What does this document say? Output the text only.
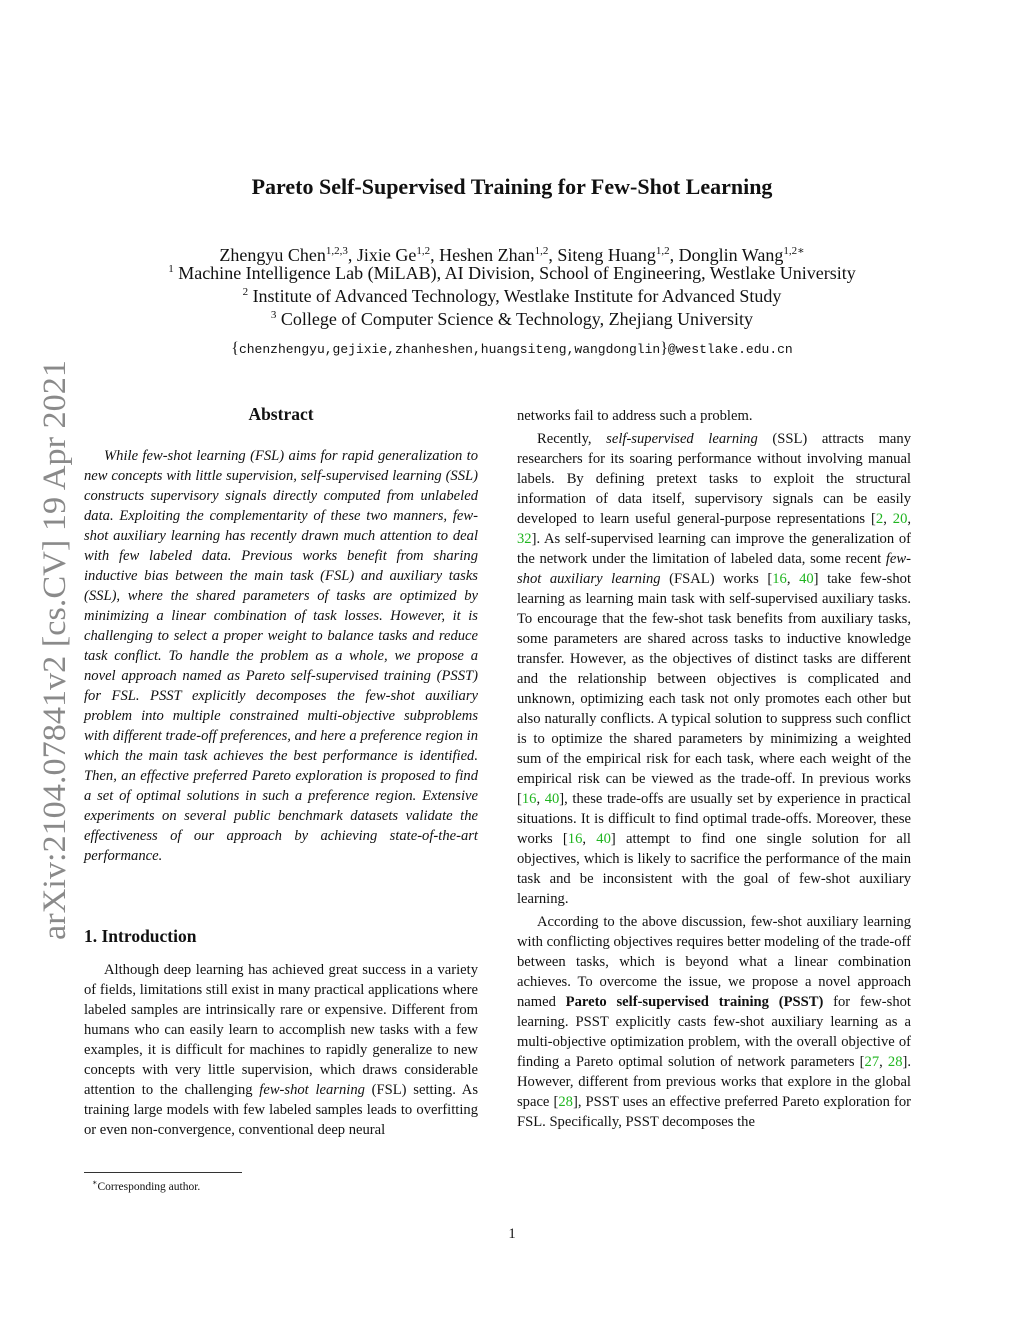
arXiv:2104.07841v2 [cs.CV] 19 Apr 2021
Pareto Self-Supervised Training for Few-Shot Learning
Zhengyu Chen$^{1,2,3}$, Jixie Ge$^{1,2}$, Heshen Zhan$^{1,2}$, Siteng Huang$^{1,2}$, Donglin Wang$^{1,2∗}$
$^1$ Machine Intelligence Lab (MiLAB), AI Division, School of Engineering, Westlake University
$^2$ Institute of Advanced Technology, Westlake Institute for Advanced Study
$^3$ College of Computer Science & Technology, Zhejiang University
{chenzhengyu,gejixie,zhanheshen,huangsiteng,wangdonglin}@westlake.edu.cn
Abstract

While few-shot learning (FSL) aims for rapid generalization to new concepts with little supervision, self-supervised learning (SSL) constructs supervisory signals directly computed from unlabeled data. Exploiting the complementarity of these two manners, few-shot auxiliary learning has recently drawn much attention to deal with few labeled data. Previous works benefit from sharing inductive bias between the main task (FSL) and auxiliary tasks (SSL), where the shared parameters of tasks are optimized by minimizing a linear combination of task losses. However, it is challenging to select a proper weight to balance tasks and reduce task conflict. To handle the problem as a whole, we propose a novel approach named as Pareto self-supervised training (PSST) for FSL. PSST explicitly decomposes the few-shot auxiliary problem into multiple constrained multi-objective subproblems with different trade-off preferences, and here a preference region in which the main task achieves the best performance is identified. Then, an effective preferred Pareto exploration is proposed to find a set of optimal solutions in such a preference region. Extensive experiments on several public benchmark datasets validate the effectiveness of our approach by achieving state-of-the-art performance.

1. Introduction

Although deep learning has achieved great success in a variety of fields, limitations still exist in many practical applications where labeled samples are intrinsically rare or expensive. Different from humans who can easily learn to accomplish new tasks with a few examples, it is difficult for machines to rapidly generalize to new concepts with very little supervision, which draws considerable attention to the challenging few-shot learning (FSL) setting. As training large models with few labeled samples leads to overfitting or even non-convergence, conventional deep neural

networks fail to address such a problem.

Recently, self-supervised learning (SSL) attracts many researchers for its soaring performance without involving manual labels. By defining pretext tasks to exploit the structural information of data itself, supervisory signals can be easily developed to learn useful general-purpose representations [2, 20, 32]. As self-supervised learning can improve the generalization of the network under the limitation of labeled data, some recent few-shot auxiliary learning (FSAL) works [16, 40] take few-shot learning as learning main task with self-supervised auxiliary tasks. To encourage that the few-shot task benefits from auxiliary tasks, some parameters are shared across tasks to inductive knowledge transfer. However, as the objectives of distinct tasks are different and the relationship between objectives is complicated and unknown, optimizing each task not only promotes each other but also naturally conflicts. A typical solution to suppress such conflict is to optimize the shared parameters by minimizing a weighted sum of the empirical risk for each task, where each weight of the empirical risk can be viewed as the trade-off. In previous works [16, 40], these trade-offs are usually set by experience in practical situations. It is difficult to find optimal trade-offs. Moreover, these works [16, 40] attempt to find one single solution for all objectives, which is likely to sacrifice the performance of the main task and be inconsistent with the goal of few-shot auxiliary learning.

According to the above discussion, few-shot auxiliary learning with conflicting objectives requires better modeling of the trade-off between tasks, which is beyond what a linear combination achieves. To overcome the issue, we propose a novel approach named Pareto self-supervised training (PSST) for few-shot learning. PSST explicitly casts few-shot auxiliary learning as a multi-objective optimization problem, with the overall objective of finding a Pareto optimal solution of network parameters [27, 28]. However, different from previous works that explore in the global space [28], PSST uses an effective preferred Pareto exploration for FSL. Specifically, PSST decomposes the

∗Corresponding author.
1
